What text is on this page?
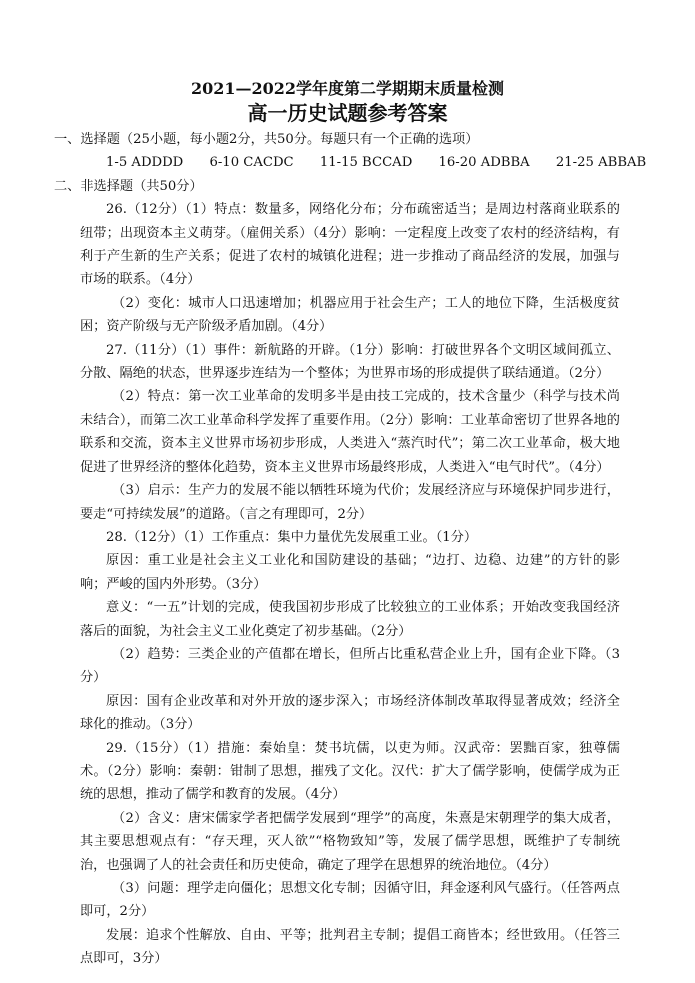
2021—2022学年度第二学期期末质量检测
高一历史试题参考答案

一、选择题（25小题，每小题2分，共50分。每题只有一个正确的选项）

1-5 ADDDD 6-10 CACDC 11-15 BCCAD 16-20 ADBBA 21-25 ABBAB

二、非选择题（共50分）

26.（12分）（1）特点：数量多，网络化分布；分布疏密适当；是周边村落商业联系的纽带；出现资本主义萌芽。（雇佣关系）（4分）影响：一定程度上改变了农村的经济结构，有利于产生新的生产关系；促进了农村的城镇化进程；进一步推动了商品经济的发展，加强与市场的联系。（4分）

（2）变化：城市人口迅速增加；机器应用于社会生产；工人的地位下降，生活极度贫困；资产阶级与无产阶级矛盾加剧。（4分）

27.（11分）（1）事件：新航路的开辟。（1分）影响：打破世界各个文明区域间孤立、分散、隔绝的状态，世界逐步连结为一个整体；为世界市场的形成提供了联结通道。（2分）

（2）特点：第一次工业革命的发明多半是由技工完成的，技术含量少（科学与技术尚未结合），而第二次工业革命科学发挥了重要作用。（2分）影响：工业革命密切了世界各地的联系和交流，资本主义世界市场初步形成，人类进入“蒸汽时代”；第二次工业革命，极大地促进了世界经济的整体化趋势，资本主义世界市场最终形成，人类进入“电气时代”。（4分）

（3）启示：生产力的发展不能以牺牲环境为代价；发展经济应与环境保护同步进行，要走“可持续发展”的道路。（言之有理即可，2分）

28.（12分）（1）工作重点：集中力量优先发展重工业。（1分）

原因：重工业是社会主义工业化和国防建设的基础；“边打、边稳、边建”的方针的影响；严峻的国内外形势。（3分）

意义：“一五”计划的完成，使我国初步形成了比较独立的工业体系；开始改变我国经济落后的面貌，为社会主义工业化奠定了初步基础。（2分）

（2）趋势：三类企业的产值都在增长，但所占比重私营企业上升，国有企业下降。（3分）

原因：国有企业改革和对外开放的逐步深入；市场经济体制改革取得显著成效；经济全球化的推动。（3分）

29.（15分）（1）措施：秦始皇：焚书坑儒，以吏为师。汉武帝：罢黜百家，独尊儒术。（2分）影响：秦朝：钳制了思想，摧残了文化。汉代：扩大了儒学影响，使儒学成为正统的思想，推动了儒学和教育的发展。（4分）

（2）含义：唐宋儒家学者把儒学发展到“理学”的高度，朱熹是宋朝理学的集大成者，其主要思想观点有：“存天理，灭人欲”“格物致知”等，发展了儒学思想，既维护了专制统治，也强调了人的社会责任和历史使命，确定了理学在思想界的统治地位。（4分）

（3）问题：理学走向僵化；思想文化专制；因循守旧，拜金逐利风气盛行。（任答两点即可，2分）

发展：追求个性解放、自由、平等；批判君主专制；提倡工商皆本；经世致用。（任答三点即可，3分）
